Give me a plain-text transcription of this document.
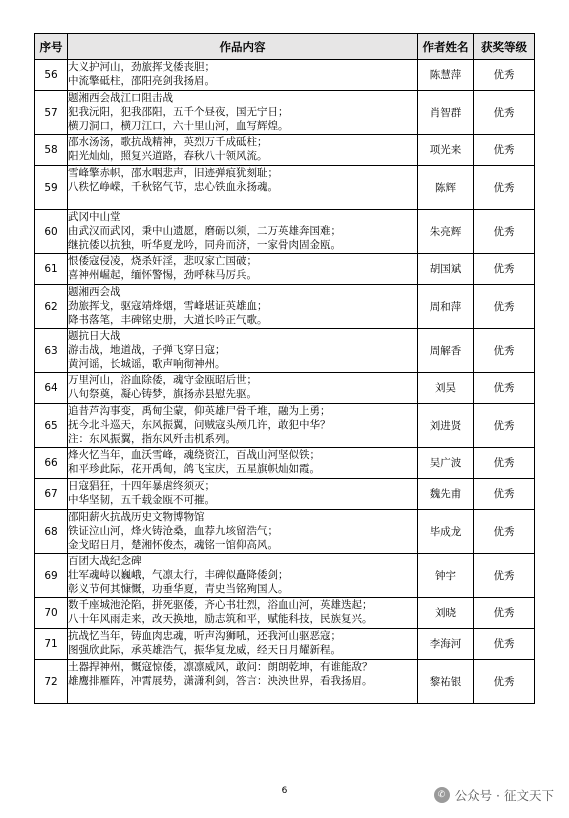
序号	作品内容	作者姓名	获奖等级
56	大义护河山，劲旅挥戈倭丧胆；
中流擎砥柱，邵阳亮剑我扬眉。	陈慧萍	优秀
57	题湘西会战江口阻击战
犯我沅阳，犯我邵阳，五千个昼夜，国无宁日；
横刀洞口，横刀江口，六十里山河，血写辉煌。	肖智群	优秀
58	邵水汤汤，歌抗战精神，英烈万千成砥柱；
阳光灿灿，照复兴道路，春秋八十领风流。	项光来	优秀
59	雪峰擎赤帜，邵水咽悲声，旧迹弹痕犹刻耻；
八秩忆峥嵘，千秋铭气节，忠心铁血永扬魂。	陈辉	优秀
60	武冈中山堂
由武汉而武冈，秉中山遗愿，磨砺以须，二万英雄奔国难；
继抗倭以抗独，听华夏龙吟，同舟而济，一家骨肉固金瓯。	朱亮辉	优秀
61	恨倭寇侵凌，烧杀奸淫，悲叹家亡国破；
喜神州崛起，缅怀警惕，劲呼秣马厉兵。	胡国斌	优秀
62	题湘西会战
劲旅挥戈，驱寇靖烽烟，雪峰堪证英雄血；
降书落笔，丰碑铭史册，大道长吟正气歌。	周和萍	优秀
63	题抗日大战
游击战，地道战，子弹飞穿日寇；
黄河谣，长城谣，歌声响彻神州。	周解香	优秀
64	万里河山，浴血除倭，魂守金瓯昭后世；
八旬祭奠，凝心铸梦，旗扬赤县慰先驱。	刘昊	优秀
65	追昔芦沟事变，禹甸尘蒙，仰英雄尸骨千堆，融为上勇；
抚今北斗巡天，东风振翼，问贼寇头颅几许，敢犯中华？
注：东风振翼，指东风歼击机系列。	刘进贤	优秀
66	烽火忆当年，血沃雪峰，魂绕资江，百战山河坚似铁；
和平珍此际，花开禹甸，鸽飞宝庆，五星旗帜灿如霞。	吴广波	优秀
67	日寇猖狂，十四年暴虐终须灭；
中华坚韧，五千载金瓯不可摧。	魏先甫	优秀
68	邵阳薪火抗战历史文物博物馆
铁证泣山河，烽火铸沧桑，血荐九垓留浩气；
金戈昭日月，楚湘怀俊杰，魂铭一馆仰高风。	毕成龙	优秀
69	百团大战纪念碑
壮军魂峙以巍峨，气凛太行，丰碑似矗降倭剑；
彰义节何其慷慨，功垂华夏，青史当铭殉国人。	钟宇	优秀
70	数千座城池沦陷，拼死驱倭，齐心书壮烈，浴血山河，英雄迭起；
八十年风雨走来，改天换地，励志筑和平，赋能科技，民族复兴。	刘晓	优秀
71	抗战忆当年，铸血肉忠魂，听声沟狮吼，还我河山驱恶寇；
图强欣此际，承英雄浩气，振华复龙威，经天日月耀新程。	李海河	优秀
72	土器捍神州，慨寇惊倭，凛凛威风，敢问：朗朗乾坤，有谁能敌？
雄鹰排雁阵，冲霄展势，潇潇利剑，答言：泱泱世界，看我扬眉。	黎祐银	优秀
6	✆ 公众号 · 征文天下
